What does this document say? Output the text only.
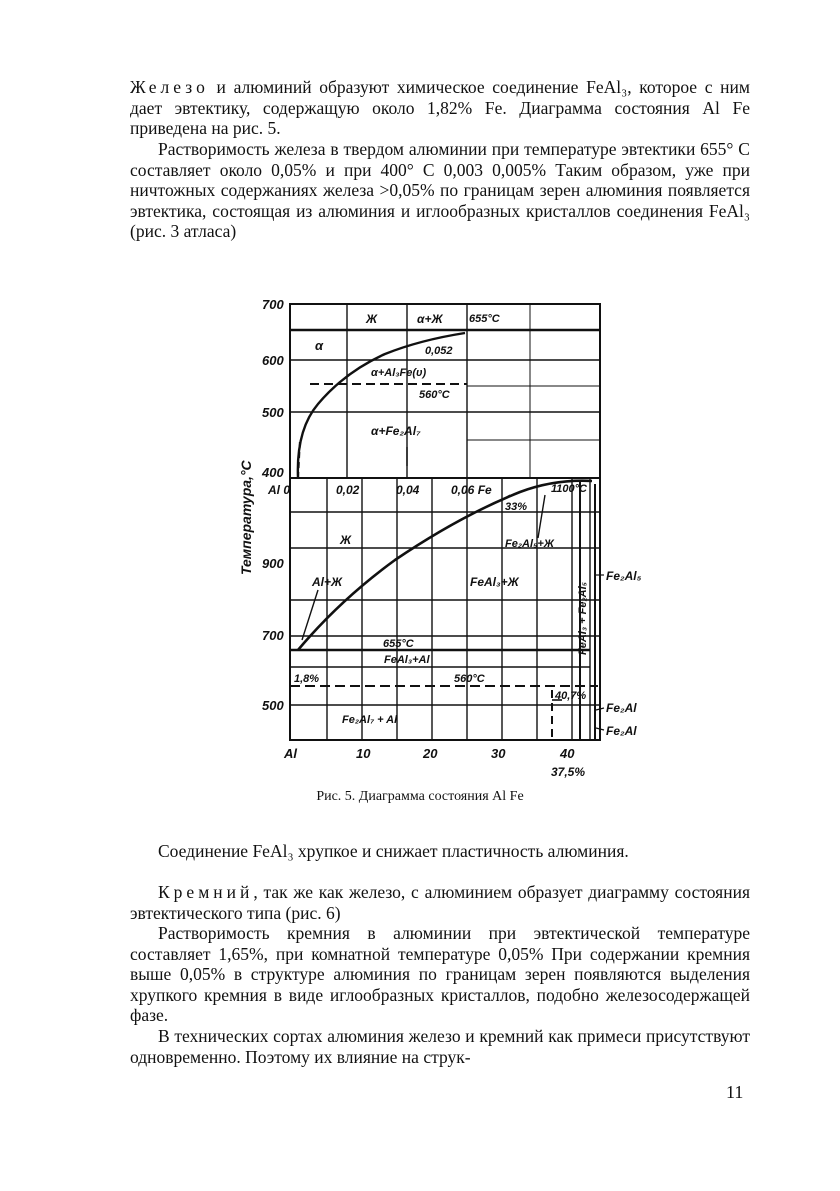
Железо и алюминий образуют химическое соединение FeAl₃, которое с ним дает эвтектику, содержащую около 1,82% Fe. Диаграмма состояния Al Fe приведена на рис. 5.

Растворимость железа в твердом алюминии при температуре эвтектики 655° С составляет около 0,05% и при 400° С 0,003 0,005% Таким образом, уже при ничтожных содержаниях железа >0,05% по границам зерен алюминия появляется эвтектика, состоящая из алюминия и иглообразных кристаллов соединения FeAl₃ (рис. 3 атласа)

Температура,°С
700
600
500
400
Al 0	0,02	0,04	0,06 Fe
900
700
500
Al	10	20	30	40
37,5%
Ж	α+Ж 655°С
α	0,052
α+Al₃Fe(υ)
560°С
α+Fe₂Al₇
1100°С
33%
Fe₂Al₅+Ж
Ж
Al+Ж	FeAl₃+Ж	FeAl₃ + Fe₂Al₅
Fe₂Al₅
655°С
FeAl₃+Al
1,8%	560°С
40,7%
Fe₂Al
Fe₂Al
Fe₂Al₇ + Al
Рис. 5. Диаграмма состояния Al Fe

Соединение FeAl₃ хрупкое и снижает пластичность алюминия.

Кремний, так же как железо, с алюминием образует диаграмму состояния эвтектического типа (рис. 6)

Растворимость кремния в алюминии при эвтектической температуре составляет 1,65%, при комнатной температуре 0,05% При содержании кремния выше 0,05% в структуре алюминия по границам зерен появляются выделения хрупкого кремния в виде иглообразных кристаллов, подобно железосодержащей фазе.

В технических сортах алюминия железо и кремний как примеси присутствуют одновременно. Поэтому их влияние на струк-

11
